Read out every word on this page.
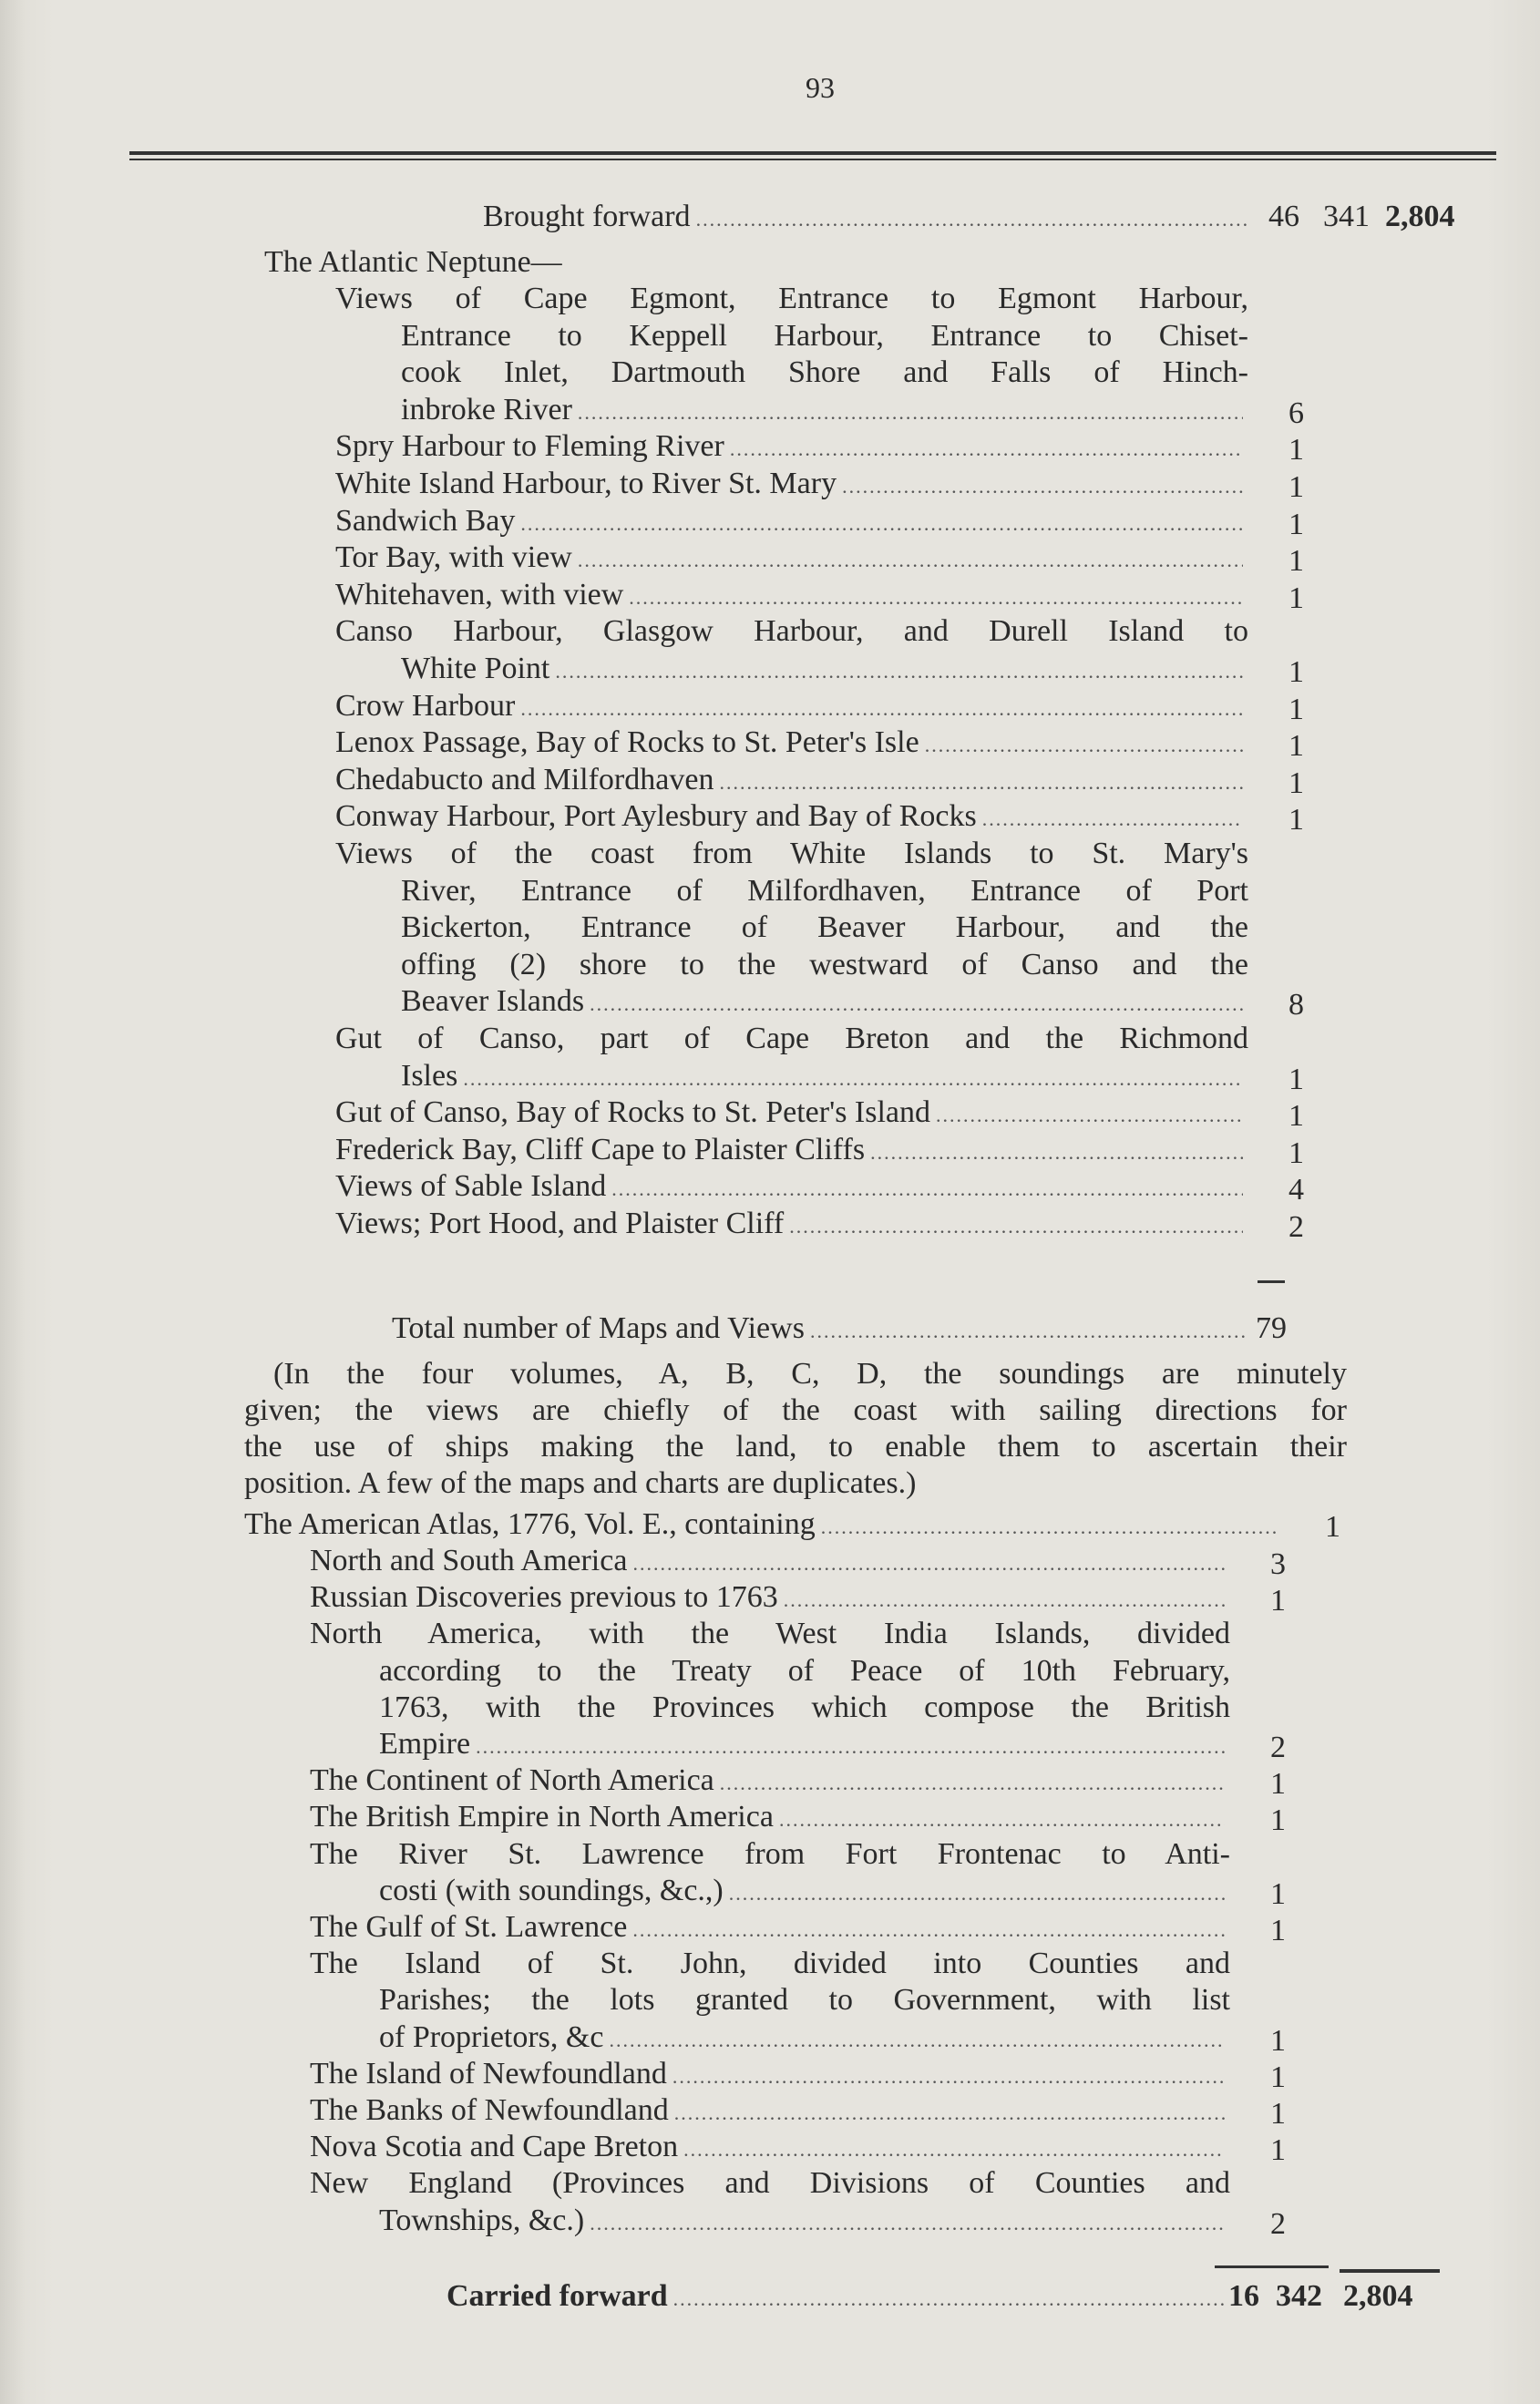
93
Brought forward .....	46 341 2,804
The Atlantic Neptune—
Views of Cape Egmont, Entrance to Egmont Harbour,
Entrance to Keppell Harbour, Entrance to Chiset-
cook Inlet, Dartmouth Shore and Falls of Hinch-
inbroke River .....	6
Spry Harbour to Fleming River .....	1
White Island Harbour, to River St. Mary .....	1
Sandwich Bay .....	1
Tor Bay, with view .....	1
Whitehaven, with view .....	1
Canso Harbour, Glasgow Harbour, and Durell Island to
White Point .....	1
Crow Harbour .....	1
Lenox Passage, Bay of Rocks to St. Peter's Isle .....	1
Chedabucto and Milfordhaven .....	1
Conway Harbour, Port Aylesbury and Bay of Rocks .....	1
Views of the coast from White Islands to St. Mary's
River, Entrance of Milfordhaven, Entrance of Port
Bickerton, Entrance of Beaver Harbour, and the
offing (2) shore to the westward of Canso and the
Beaver Islands .....	8
Gut of Canso, part of Cape Breton and the Richmond
Isles .....	1
Gut of Canso, Bay of Rocks to St. Peter's Island .....	1
Frederick Bay, Cliff Cape to Plaister Cliffs .....	1
Views of Sable Island .....	4
Views; Port Hood, and Plaister Cliff .....	2
Total number of Maps and Views .....	79
(In the four volumes, A, B, C, D, the soundings are minutely
given; the views are chiefly of the coast with sailing directions for
the use of ships making the land, to enable them to ascertain their
position. A few of the maps and charts are duplicates.)
The American Atlas, 1776, Vol. E., containing .....	1
North and South America .....	3
Russian Discoveries previous to 1763 .....	1
North America, with the West India Islands, divided
according to the Treaty of Peace of 10th February,
1763, with the Provinces which compose the British
Empire .....	2
The Continent of North America .....	1
The British Empire in North America .....	1
The River St. Lawrence from Fort Frontenac to Anti-
costi (with soundings, &c.,) .....	1
The Gulf of St. Lawrence .....	1
The Island of St. John, divided into Counties and
Parishes; the lots granted to Government, with list
of Proprietors, &c .....	1
The Island of Newfoundland .....	1
The Banks of Newfoundland .....	1
Nova Scotia and Cape Breton .....	1
New England (Provinces and Divisions of Counties and
Townships, &c.) .....	2
Carried forward .....	16 342 2,804
